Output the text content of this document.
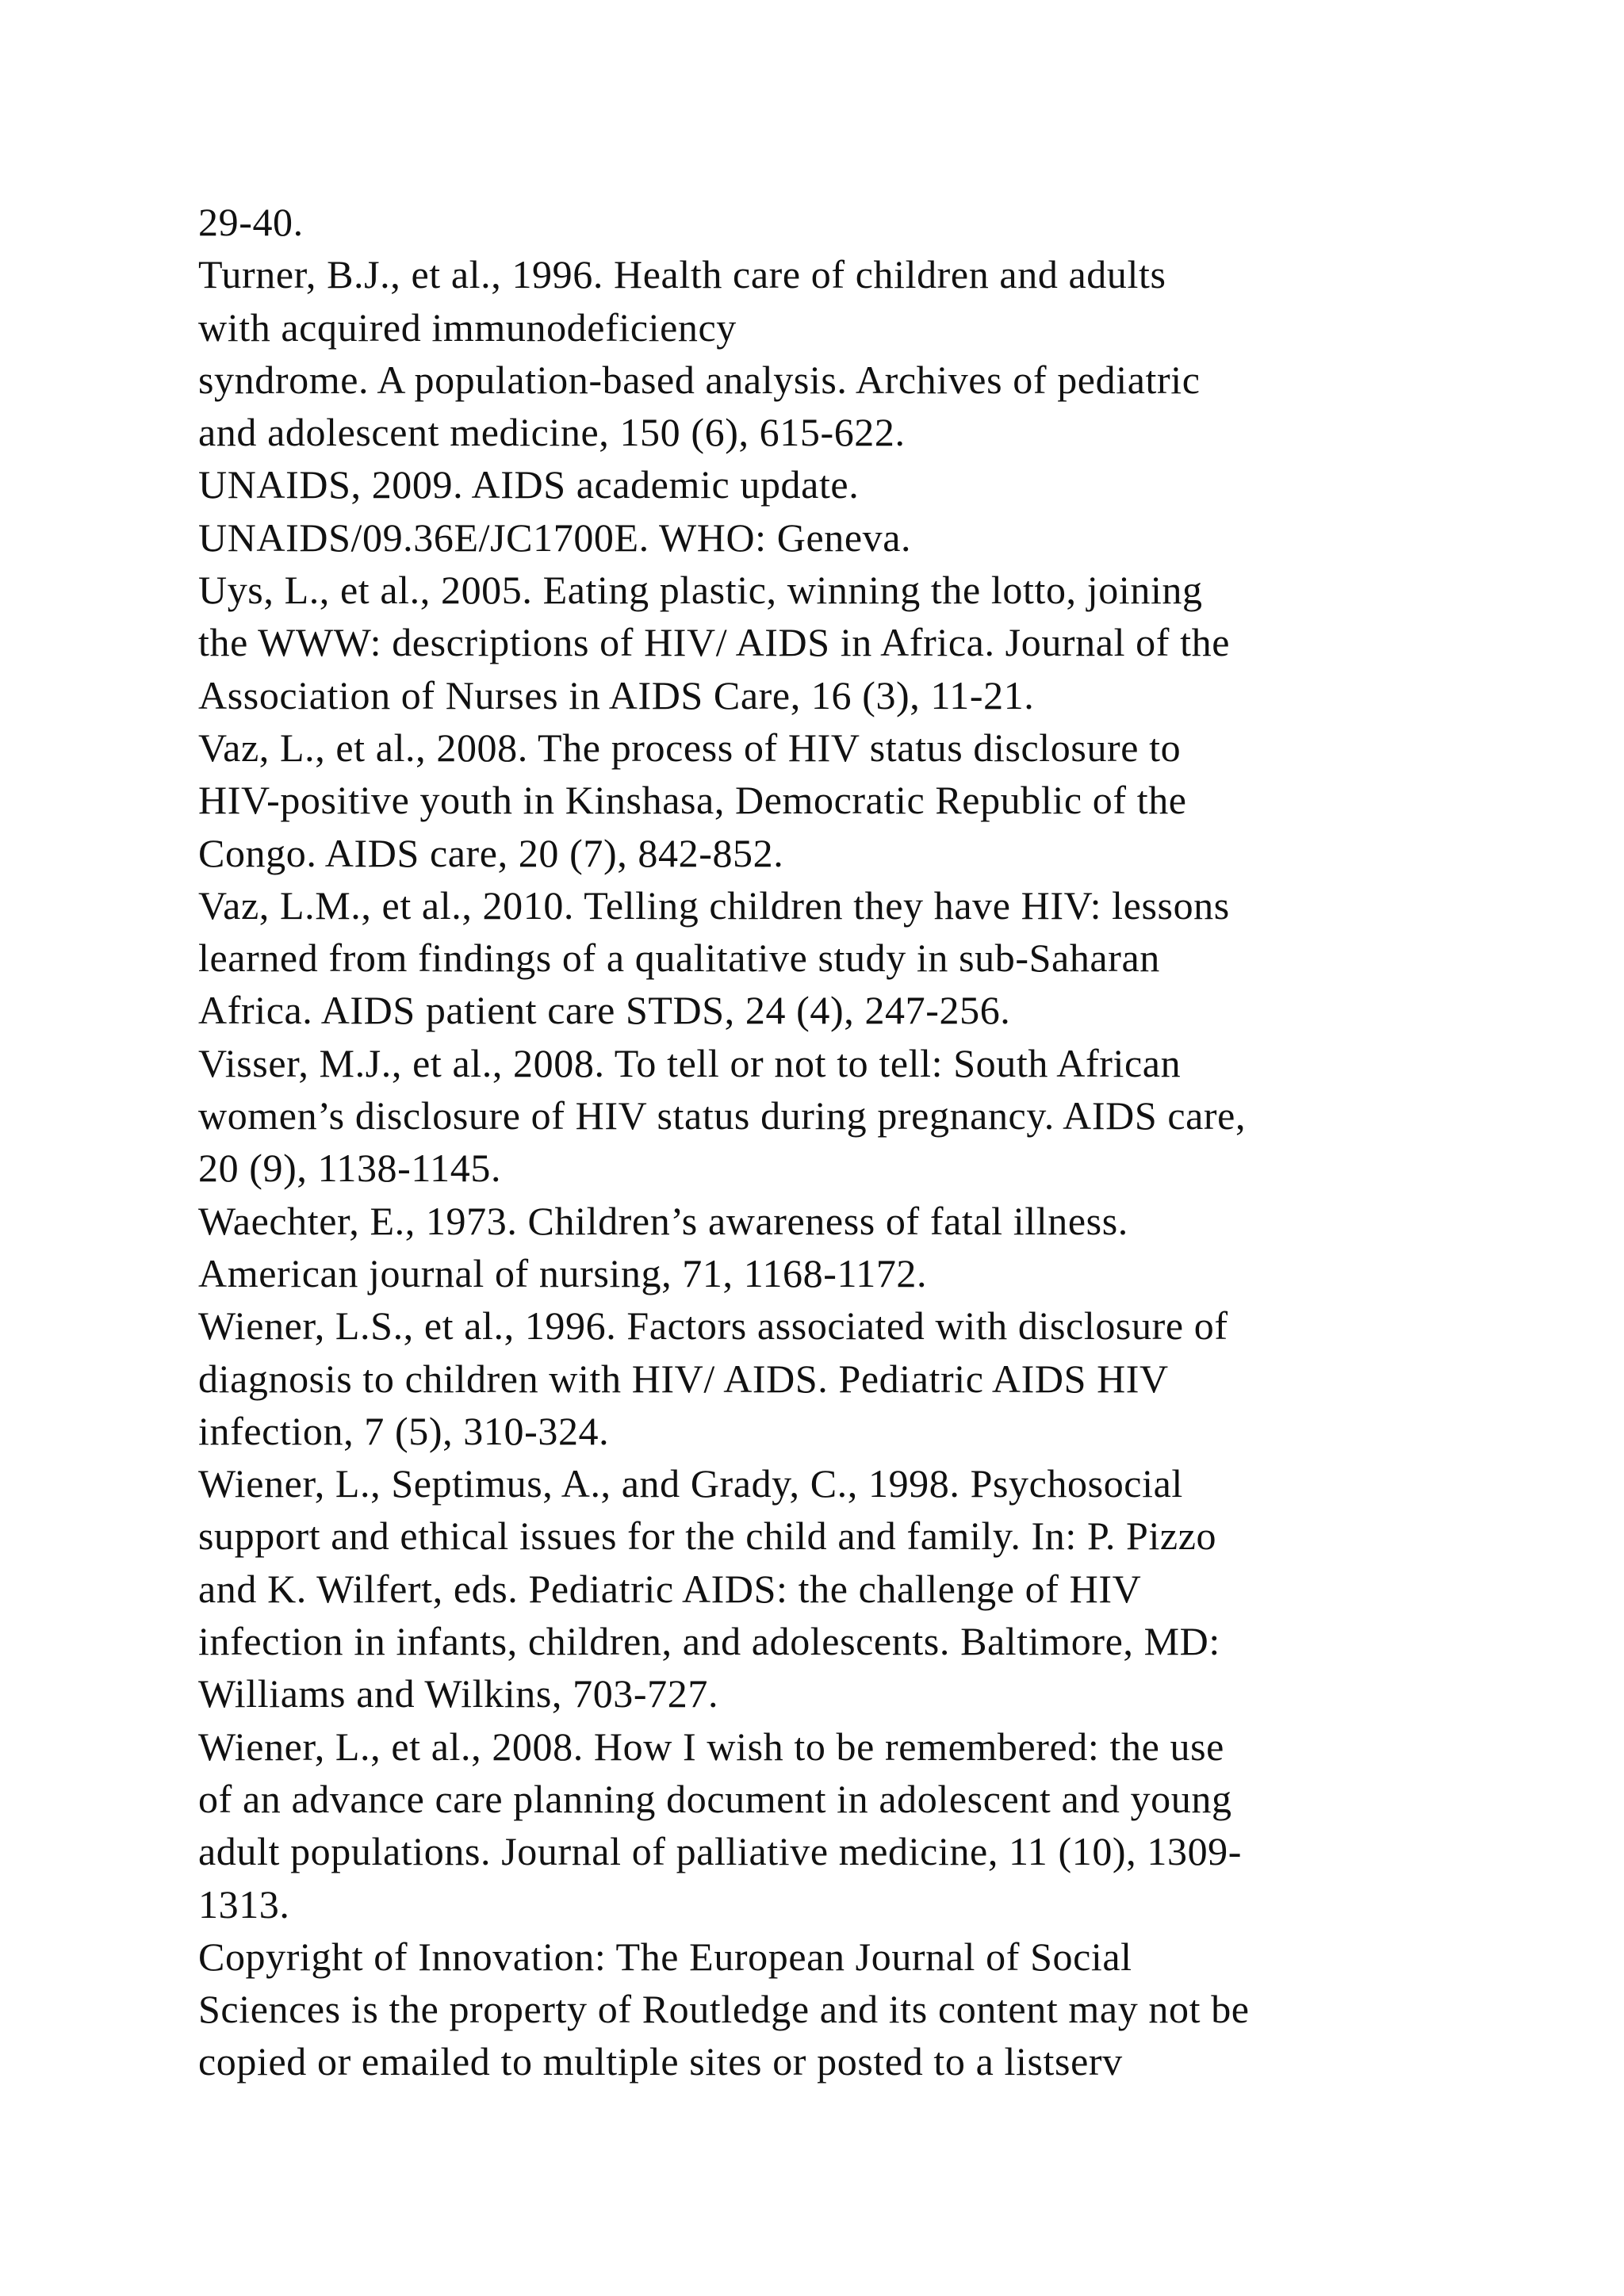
29-40.
Turner, B.J., et al., 1996. Health care of children and adults
with acquired immunodeficiency
syndrome. A population-based analysis. Archives of pediatric
and adolescent medicine, 150 (6), 615-622.
UNAIDS, 2009. AIDS academic update.
UNAIDS/09.36E/JC1700E. WHO: Geneva.
Uys, L., et al., 2005. Eating plastic, winning the lotto, joining
the WWW: descriptions of HIV/ AIDS in Africa. Journal of the
Association of Nurses in AIDS Care, 16 (3), 11-21.
Vaz, L., et al., 2008. The process of HIV status disclosure to
HIV-positive youth in Kinshasa, Democratic Republic of the
Congo. AIDS care, 20 (7), 842-852.
Vaz, L.M., et al., 2010. Telling children they have HIV: lessons
learned from findings of a qualitative study in sub-Saharan
Africa. AIDS patient care STDS, 24 (4), 247-256.
Visser, M.J., et al., 2008. To tell or not to tell: South African
women’s disclosure of HIV status during pregnancy. AIDS care,
20 (9), 1138-1145.
Waechter, E., 1973. Children’s awareness of fatal illness.
American journal of nursing, 71, 1168-1172.
Wiener, L.S., et al., 1996. Factors associated with disclosure of
diagnosis to children with HIV/ AIDS. Pediatric AIDS HIV
infection, 7 (5), 310-324.
Wiener, L., Septimus, A., and Grady, C., 1998. Psychosocial
support and ethical issues for the child and family. In: P. Pizzo
and K. Wilfert, eds. Pediatric AIDS: the challenge of HIV
infection in infants, children, and adolescents. Baltimore, MD:
Williams and Wilkins, 703-727.
Wiener, L., et al., 2008. How I wish to be remembered: the use
of an advance care planning document in adolescent and young
adult populations. Journal of palliative medicine, 11 (10), 1309-
1313.
Copyright of Innovation: The European Journal of Social
Sciences is the property of Routledge and its content may not be
copied or emailed to multiple sites or posted to a listserv
